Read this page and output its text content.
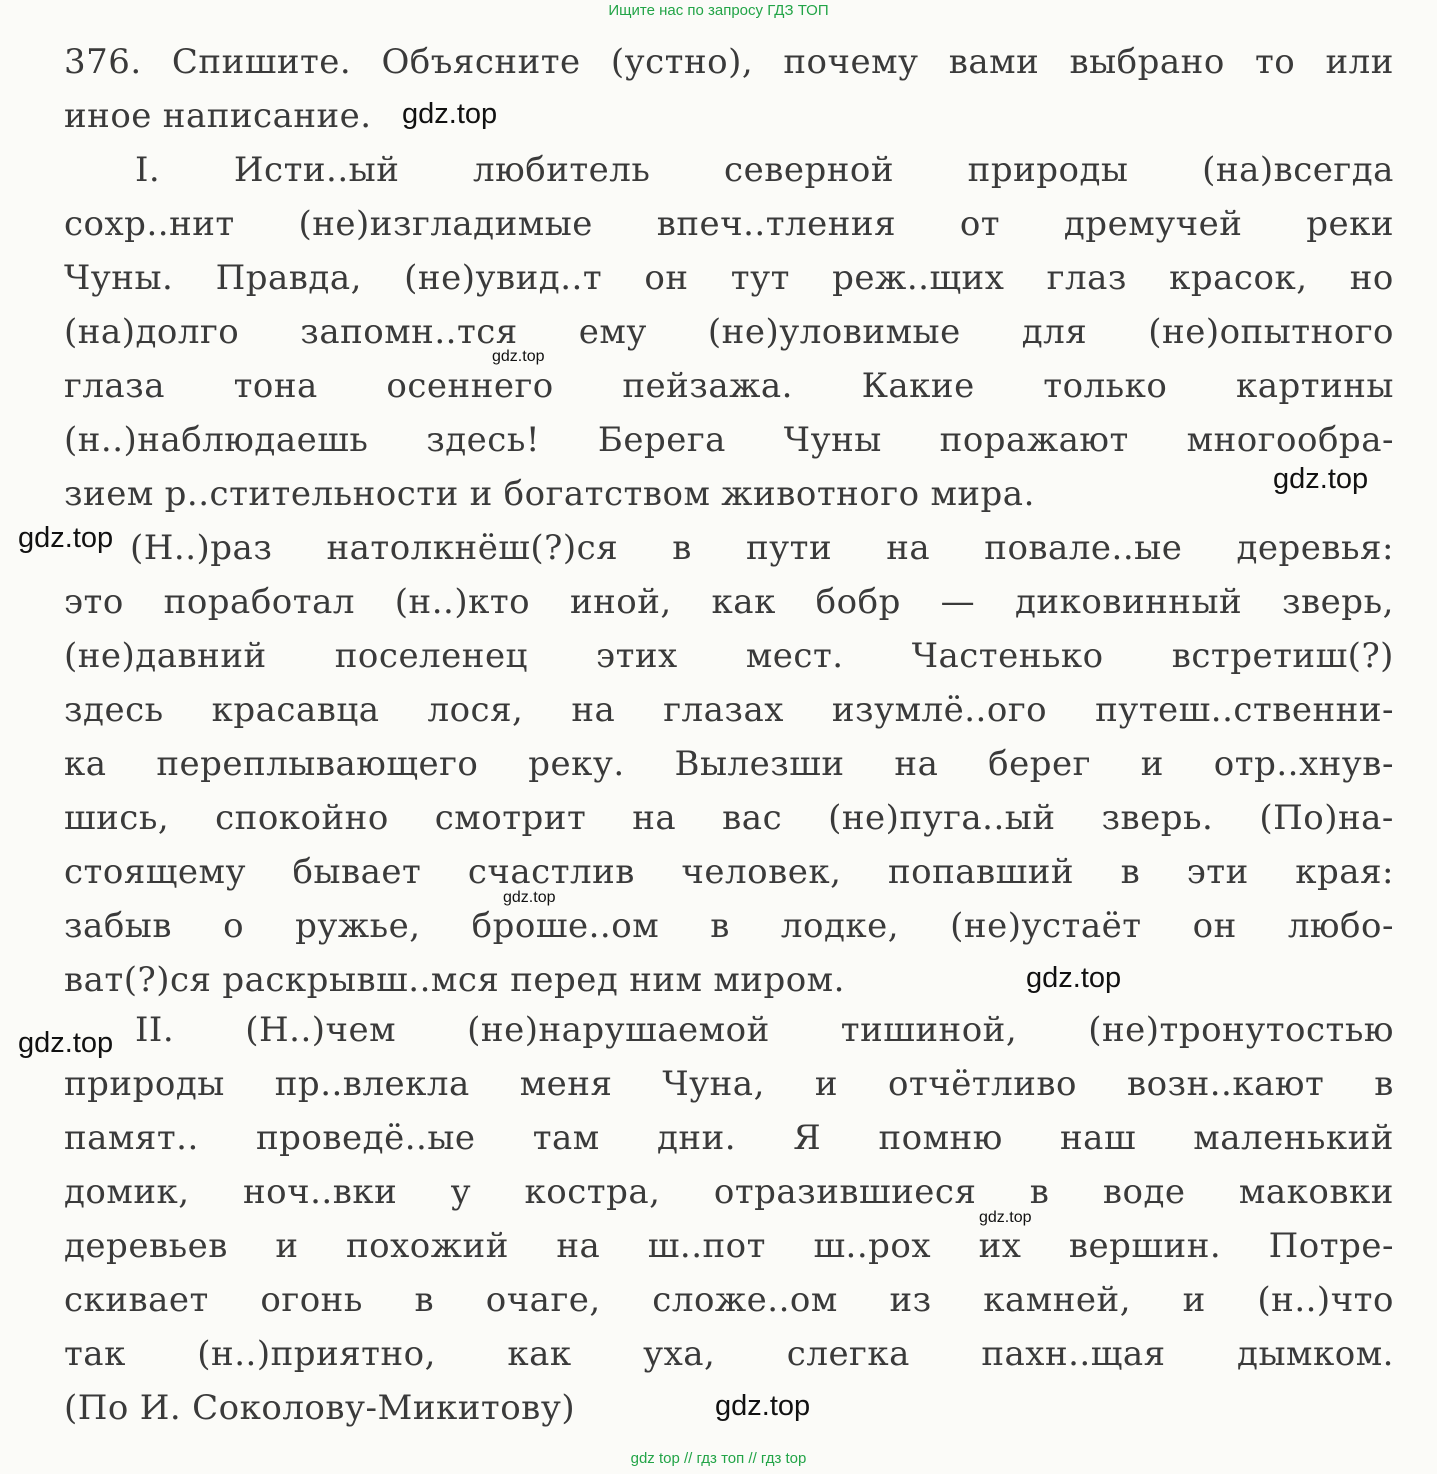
Ищите нас по запросу ГДЗ ТОП
376. Спишите. Объясните (устно), почему вами выбрано то или
иное написание.
I. Исти..ый любитель северной природы (на)всегда
сохр..нит (не)изгладимые впеч..тления от дремучей реки
Чуны. Правда, (не)увид..т он тут реж..щих глаз красок, но
(на)долго запомн..тся ему (не)уловимые для (не)опытного
глаза тона осеннего пейзажа. Какие только картины
(н..)наблюдаешь здесь! Берега Чуны поражают многообра-
зием р..стительности и богатством животного мира.
(Н..)раз натолкнёш(?)ся в пути на повале..ые деревья:
это поработал (н..)кто иной, как бобр — диковинный зверь,
(не)давний поселенец этих мест. Частенько встретиш(?)
здесь красавца лося, на глазах изумлё..ого путеш..ственни-
ка переплывающего реку. Вылезши на берег и отр..хнув-
шись, спокойно смотрит на вас (не)пуга..ый зверь. (По)на-
стоящему бывает счастлив человек, попавший в эти края:
забыв о ружье, броше..ом в лодке, (не)устаёт он любо-
ват(?)ся раскрывш..мся перед ним миром.
II. (Н..)чем (не)нарушаемой тишиной, (не)тронутостью
природы пр..влекла меня Чуна, и отчётливо возн..кают в
памят.. проведё..ые там дни. Я помню наш маленький
домик, ноч..вки у костра, отразившиеся в воде маковки
деревьев и похожий на ш..пот ш..рох их вершин. Потре-
скивает огонь в очаге, сложе..ом из камней, и (н..)что
так (н..)приятно, как уха, слегка пахн..щая дымком.
(По И. Соколову-Микитову)
gdz.top
gdz.top
gdz.top
gdz.top
gdz.top
gdz.top
gdz.top
gdz.top
gdz.top
gdz top // гдз топ // гдз top
